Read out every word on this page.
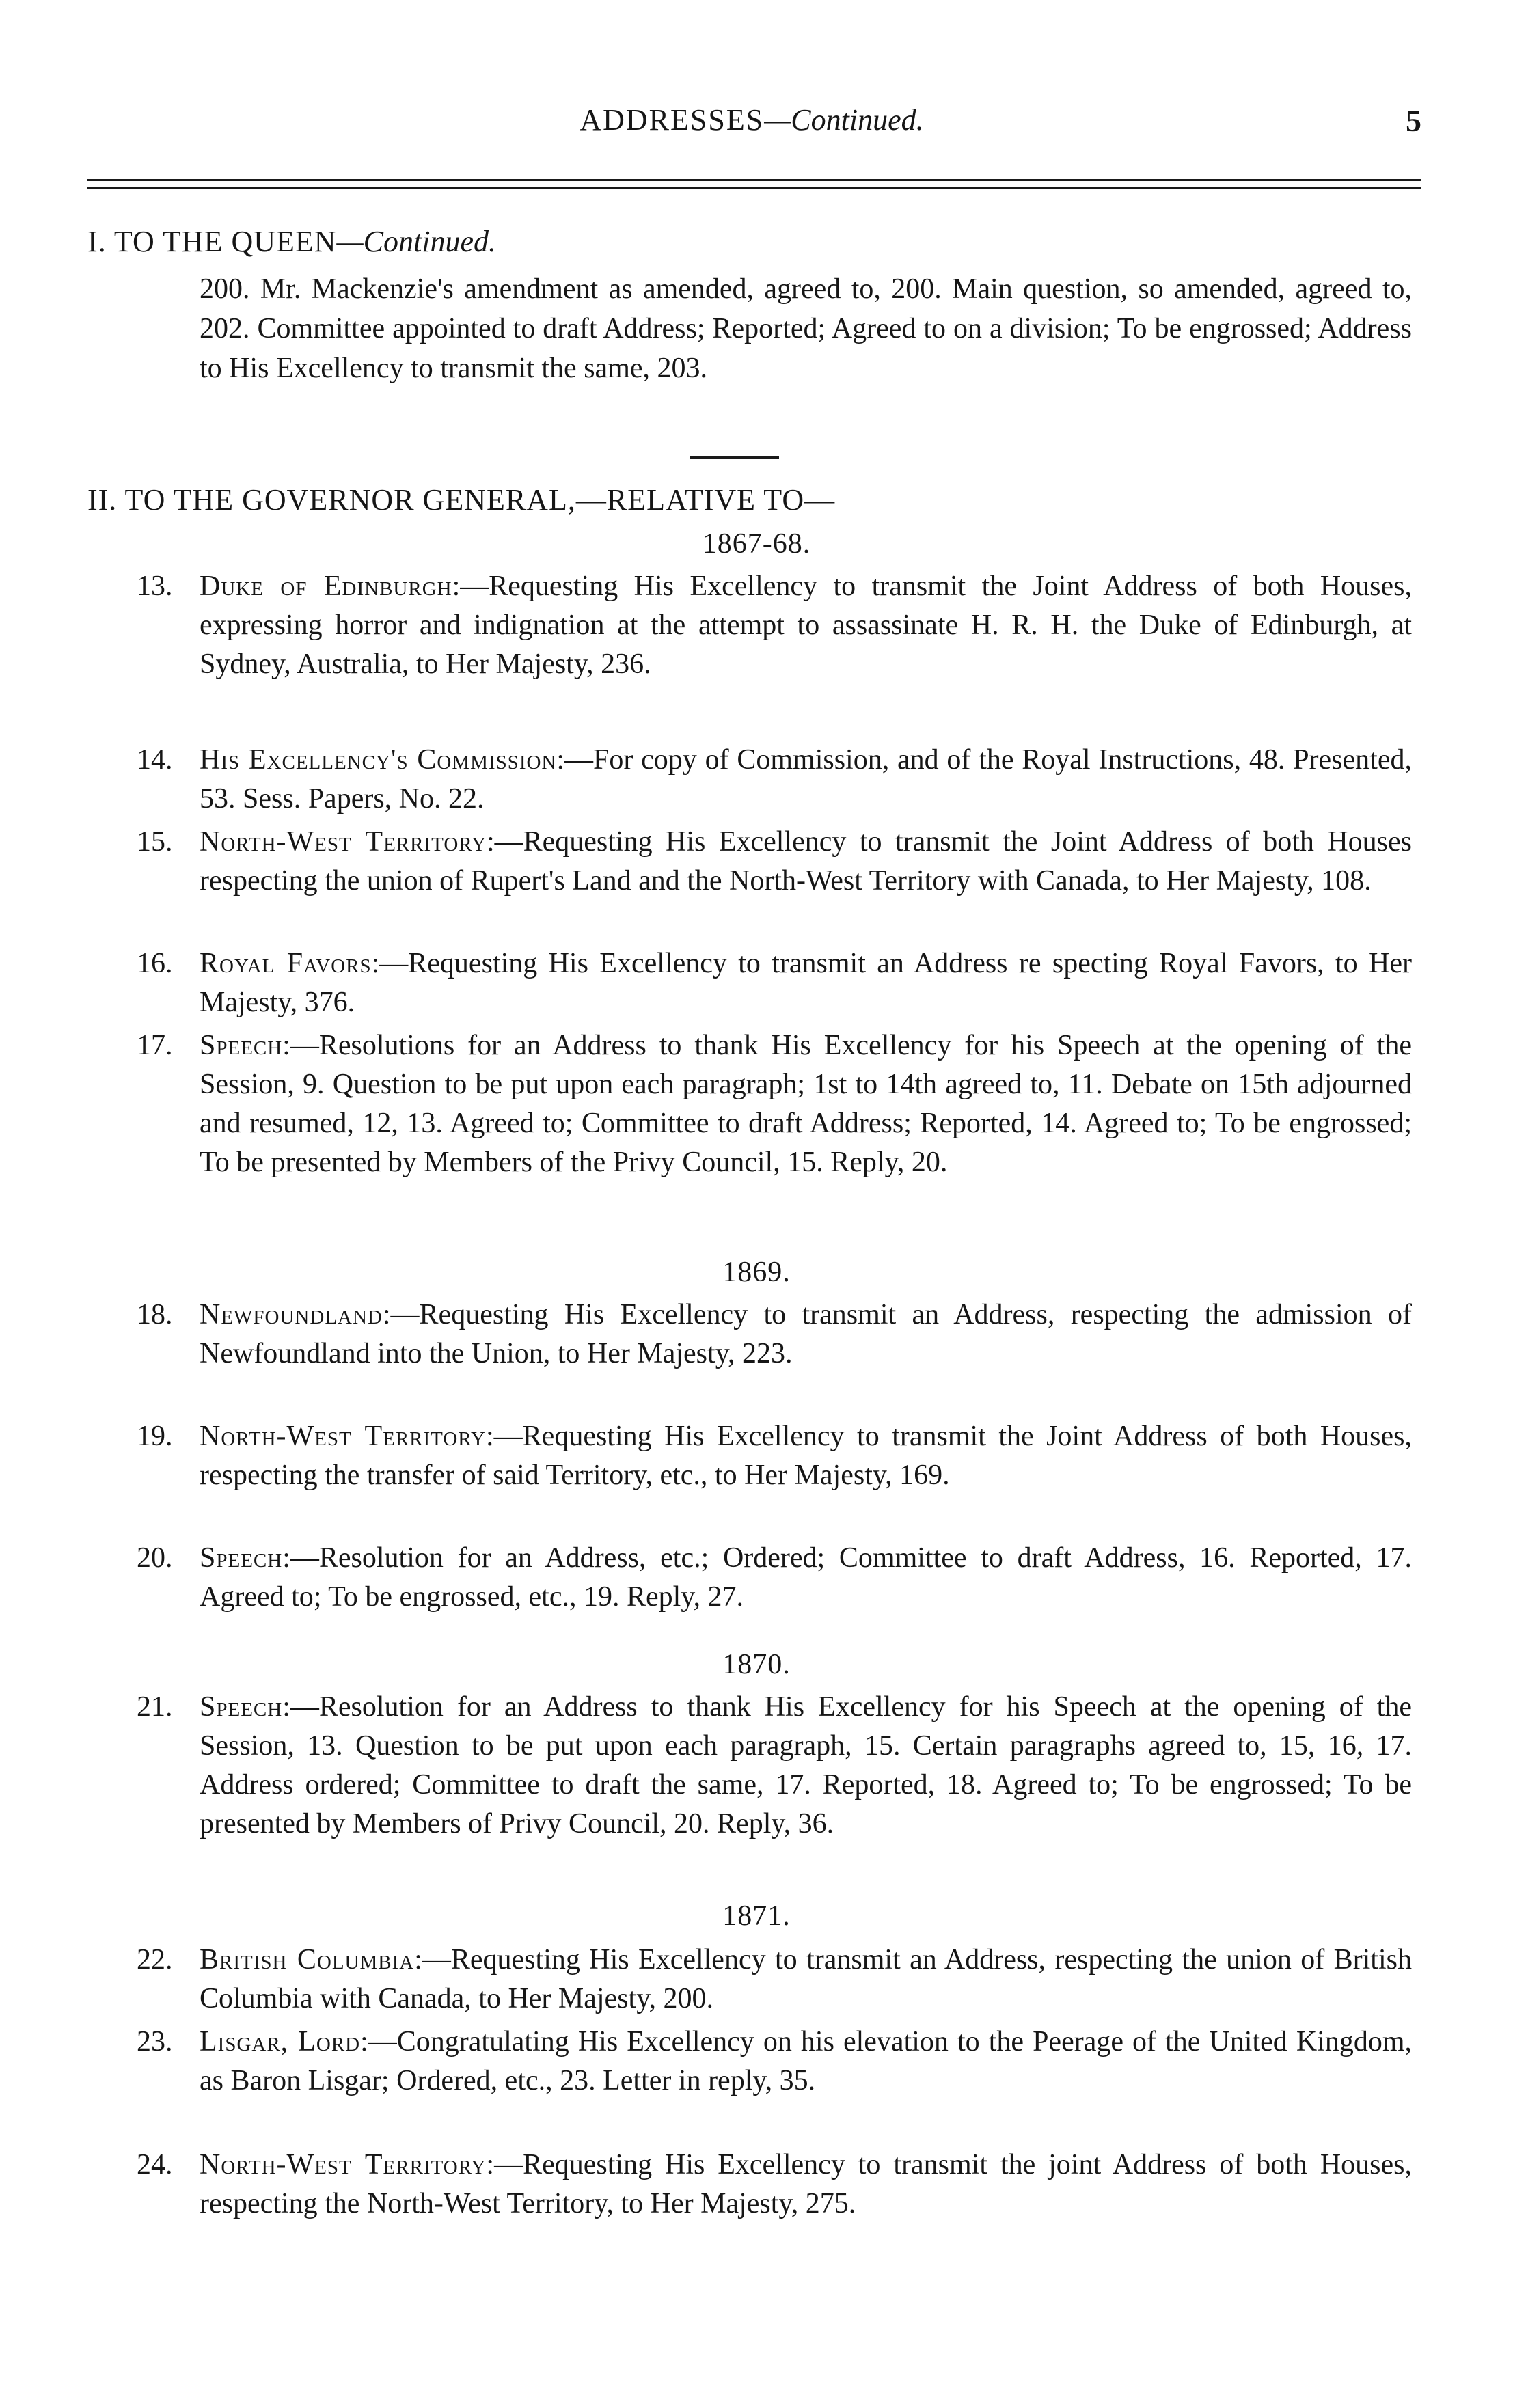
ADDRESSES—Continued.	5
I. TO THE QUEEN—Continued.

200. Mr. Mackenzie's amendment as amended, agreed to, 200. Main question, so amended, agreed to, 202. Committee appointed to draft Address; Reported; Agreed to on a division; To be engrossed; Address to His Excellency to transmit the same, 203.

II. TO THE GOVERNOR GENERAL,—RELATIVE TO—
1867-68.
13. Duke of Edinburgh:—Requesting His Excellency to transmit the Joint Address of both Houses, expressing horror and indignation at the attempt to assassinate H. R. H. the Duke of Edinburgh, at Sydney, Australia, to Her Majesty, 236.

14. His Excellency's Commission:—For copy of Commission, and of the Royal Instructions, 48. Presented, 53. Sess. Papers, No. 22.

15. North-West Territory:—Requesting His Excellency to transmit the Joint Address of both Houses respecting the union of Rupert's Land and the North-West Territory with Canada, to Her Majesty, 108.

16. Royal Favors:—Requesting His Excellency to transmit an Address re specting Royal Favors, to Her Majesty, 376.

17. Speech:—Resolutions for an Address to thank His Excellency for his Speech at the opening of the Session, 9. Question to be put upon each paragraph; 1st to 14th agreed to, 11. Debate on 15th adjourned and resumed, 12, 13. Agreed to; Committee to draft Address; Reported, 14. Agreed to; To be engrossed; To be presented by Members of the Privy Council, 15. Reply, 20.

1869.
18. Newfoundland:—Requesting His Excellency to transmit an Address, respecting the admission of Newfoundland into the Union, to Her Majesty, 223.

19. North-West Territory:—Requesting His Excellency to transmit the Joint Address of both Houses, respecting the transfer of said Territory, etc., to Her Majesty, 169.

20. Speech:—Resolution for an Address, etc.; Ordered; Committee to draft Address, 16. Reported, 17. Agreed to; To be engrossed, etc., 19. Reply, 27.

1870.
21. Speech:—Resolution for an Address to thank His Excellency for his Speech at the opening of the Session, 13. Question to be put upon each paragraph, 15. Certain paragraphs agreed to, 15, 16, 17. Address ordered; Committee to draft the same, 17. Reported, 18. Agreed to; To be engrossed; To be presented by Members of Privy Council, 20. Reply, 36.

1871.
22. British Columbia:—Requesting His Excellency to transmit an Address, respecting the union of British Columbia with Canada, to Her Majesty, 200.

23. Lisgar, Lord:—Congratulating His Excellency on his elevation to the Peerage of the United Kingdom, as Baron Lisgar; Ordered, etc., 23. Letter in reply, 35.

24. North-West Territory:—Requesting His Excellency to transmit the joint Address of both Houses, respecting the North-West Territory, to Her Majesty, 275.
